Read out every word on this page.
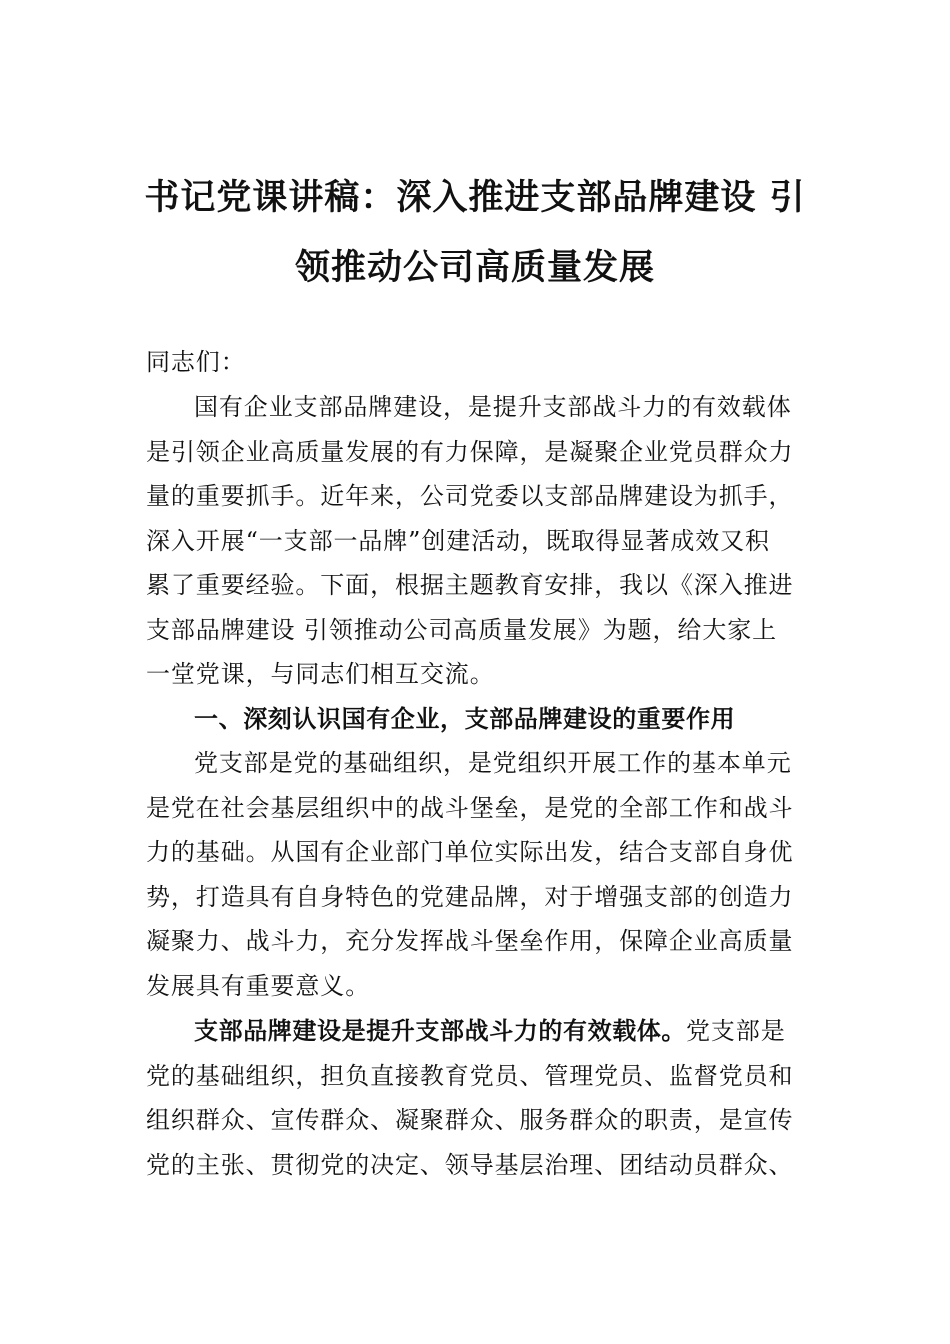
书记党课讲稿：深入推进支部品牌建设 引
领推动公司高质量发展
同志们：
国有企业支部品牌建设，是提升支部战斗力的有效载体
是引领企业高质量发展的有力保障，是凝聚企业党员群众力
量的重要抓手。近年来，公司党委以支部品牌建设为抓手，
深入开展“一支部一品牌”创建活动，既取得显著成效又积
累了重要经验。下面，根据主题教育安排，我以《深入推进
支部品牌建设 引领推动公司高质量发展》为题，给大家上
一堂党课，与同志们相互交流。
一、深刻认识国有企业，支部品牌建设的重要作用
党支部是党的基础组织，是党组织开展工作的基本单元
是党在社会基层组织中的战斗堡垒，是党的全部工作和战斗
力的基础。从国有企业部门单位实际出发，结合支部自身优
势，打造具有自身特色的党建品牌，对于增强支部的创造力
凝聚力、战斗力，充分发挥战斗堡垒作用，保障企业高质量
发展具有重要意义。
支部品牌建设是提升支部战斗力的有效载体。党支部是
党的基础组织，担负直接教育党员、管理党员、监督党员和
组织群众、宣传群众、凝聚群众、服务群众的职责，是宣传
党的主张、贯彻党的决定、领导基层治理、团结动员群众、
